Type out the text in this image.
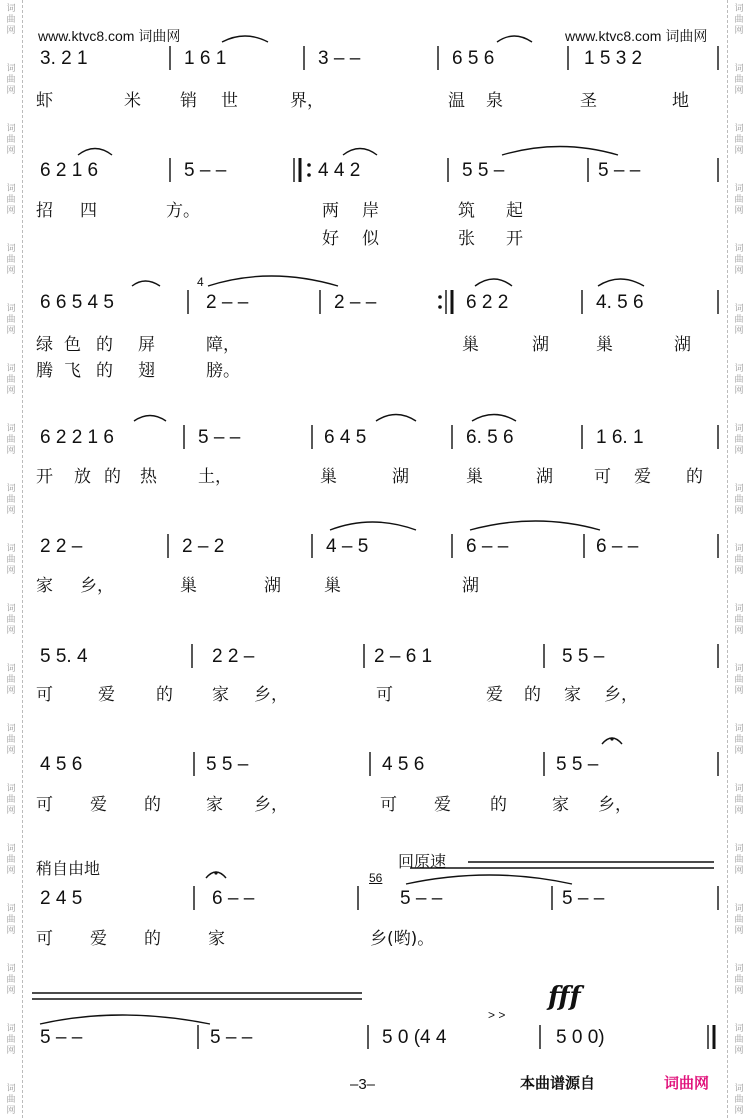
词
曲
网
词
曲
网
词
曲
网
词
曲
网
词
曲
网
词
曲
网
词
曲
网
词
曲
网
词
曲
网
词
曲
网
词
曲
网
词
曲
网
词
曲
网
词
曲
网
词
曲
网
词
曲
网
词
曲
网
词
曲
网
词
曲
网
词
曲
网
词
曲
网
词
曲
网
词
曲
网
词
曲
网
词
曲
网
词
曲
网
词
曲
网
词
曲
网
词
曲
网
词
曲
网
词
曲
网
词
曲
网
词
曲
网
词
曲
网
词
曲
网
词
曲
网
词
曲
网
词
曲
网
www.ktvc8.com 词曲网	www.ktvc8.com 词曲网
3. 2 1	1 6 1	3 – –	6 5 6	1 5 3 2
虾	米 销 世	界，	温 泉	圣	地
6 2 1 6	5 – –	4 4 2	5 5 –	5 – –
招 四	方。	两 岸	筑 起
好 似	张 开
4
6 6 5 4 5	2 – –	2 – –	6 2 2	4. 5 6
绿 色 的 屏	障，	巢	湖	巢	湖
腾 飞 的 翅	膀。
6 2 2 1 6	5 – –	6 4 5	6. 5 6	1 6. 1
开 放 的 热 土，	巢	湖	巢	湖 可 爱 的
2 2 –	2 – 2	4 – 5	6 – –	6 – –
家 乡，	巢	湖	巢	湖
5 5. 4	2 2 –	2 – 6 1	5 5 –
可	爱 的 家 乡，	可	爱 的 家 乡，
4 5 6	5 5 –	4 5 6	5 5 –
可 爱 的	家 乡，	可 爱 的	家 乡，
稍自由地	回原速
56
2 4 5	6 – –	5 – –	5 – –
可 爱 的	家	乡(哟)。
fff
> >
5 – –	5 – –	5 0 (4 4	5 0 0)
–3–	本曲谱源自	词曲网
